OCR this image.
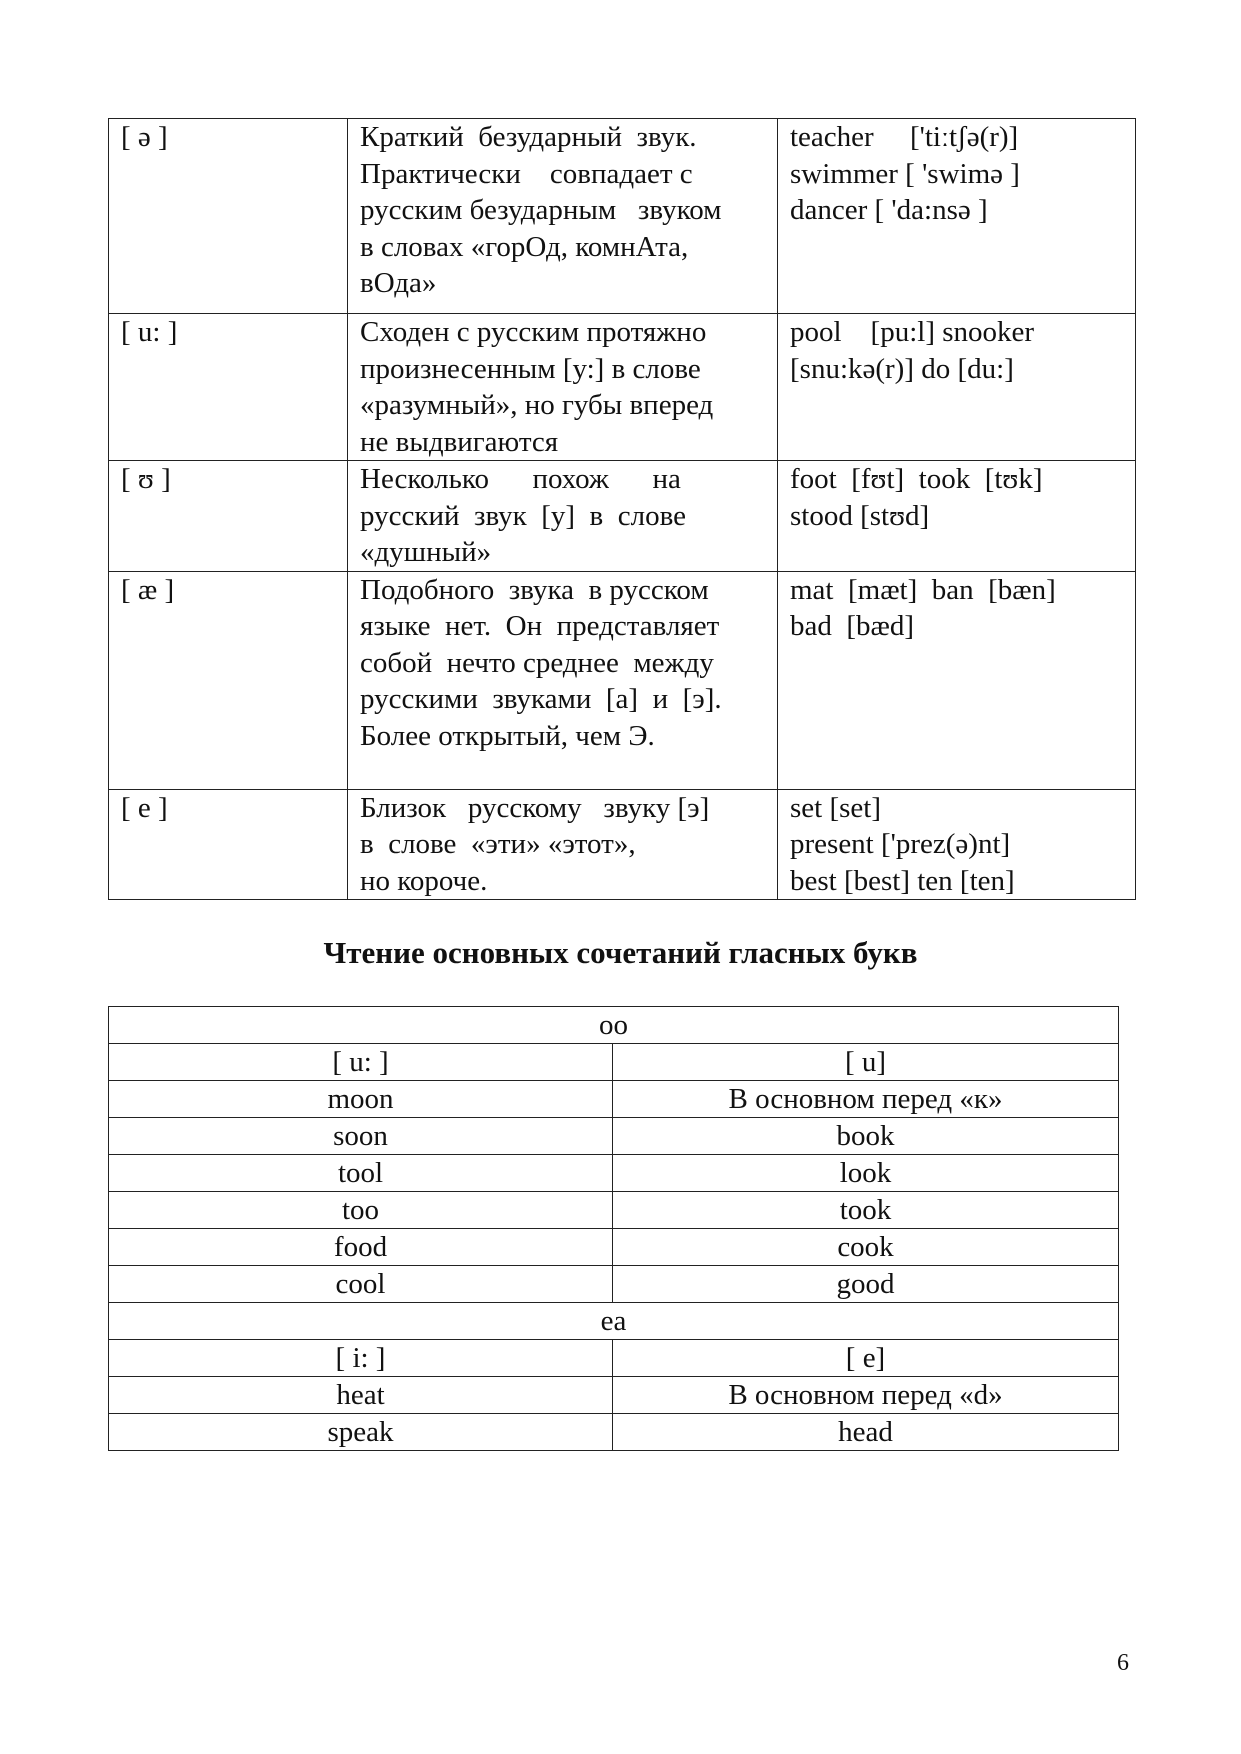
[ ə ]	Краткий  безударный  звук.
Практически    совпадает с
русским безударным   звуком
в словах «горОд, комнАта,
вОда»	teacher     ['tiːtʃə(r)]
swimmer [ 'swimə ]
dancer [ 'da:nsə ]

[ u: ]	Сходен с русским протяжно
произнесенным [у:] в слове
«разумный», но губы вперед
не выдвигаются	pool    [pu:l] snooker
[snu:kə(r)] do [du:]

[ ʊ ]	Несколько      похож      на
русский  звук  [у]  в  слове
«душный»	foot  [fʊt]  took  [tʊk]
stood [stʊd]

[ æ ]	Подобного  звука  в русском
языке  нет.  Он  представляет
собой  нечто среднее  между
русскими  звуками  [а]  и  [э].
Более открытый, чем Э.	mat  [mæt]  ban  [bæn]
bad  [bæd]

[ e ]	Близок   русскому   звуку [э]
в  слове  «эти» «этот»,
но короче.	set [set]
present ['prez(ə)nt]
best [best] ten [ten]
Чтение основных сочетаний гласных букв
oo	
[ u: ]	[ u]
moon	В основном перед «к»
soon	book
tool	look
too	took
food	cook
cool	good
ea	
[ i: ]	[ e]
heat	В основном перед «d»
speak	head
6
